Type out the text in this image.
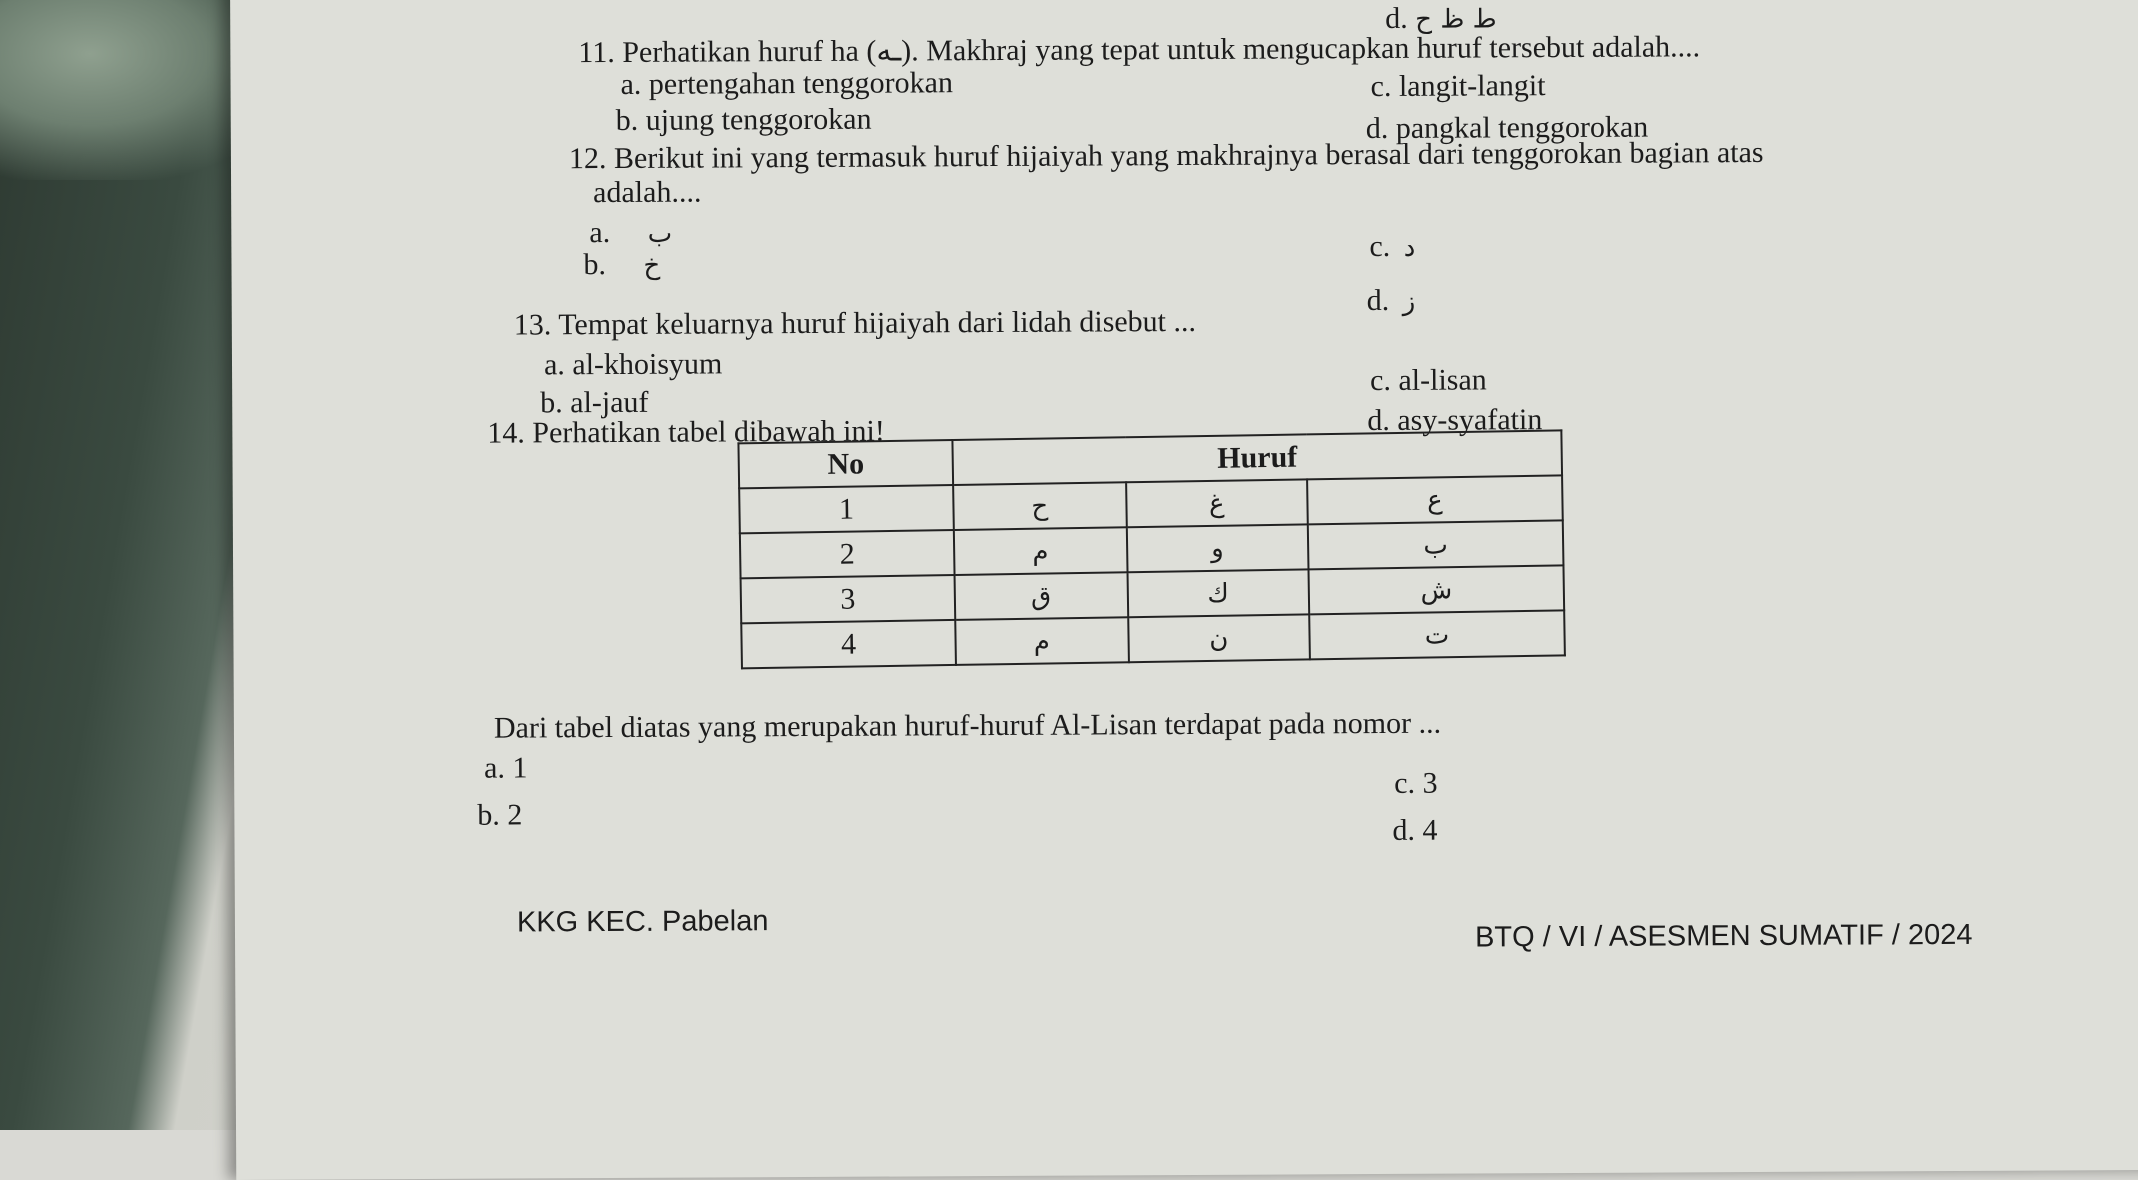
d. ط ظ ح
11. Perhatikan huruf ha (ـه). Makhraj yang tepat untuk mengucapkan huruf tersebut adalah....
a. pertengahan tenggorokan	c. langit-langit
b. ujung tenggorokan	d. pangkal tenggorokan
12. Berikut ini yang termasuk huruf hijaiyah yang makhrajnya berasal dari tenggorokan bagian atas
adalah....
a. ب	c. د
b. خ
d. ز
13. Tempat keluarnya huruf hijaiyah dari lidah disebut ...
a. al-khoisyum	c. al-lisan
b. al-jauf
d. asy-syafatin
14. Perhatikan tabel dibawah ini!
No	Huruf		
1	ح	غ	ع
2	م	و	ب
3	ق	ك	ش
4	م	ن	ت
Dari tabel diatas yang merupakan huruf-huruf Al-Lisan terdapat pada nomor ...
a. 1	c. 3
b. 2	d. 4
KKG KEC. Pabelan	BTQ / VI / ASESMEN SUMATIF / 2024
